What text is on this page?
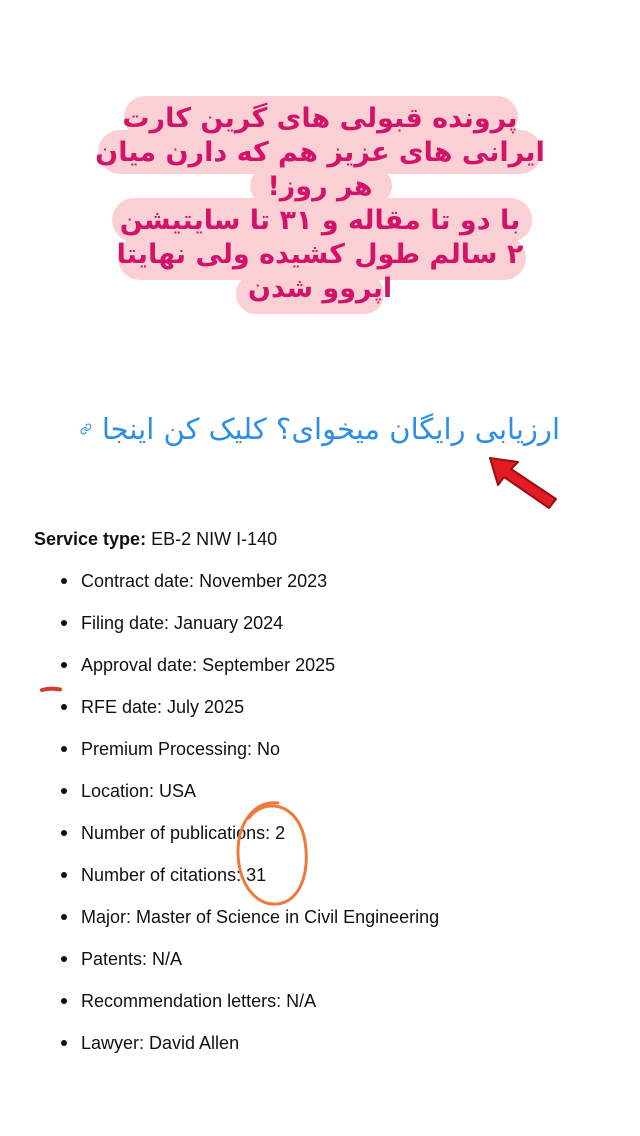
پرونده قبولی های گرین کارت
ایرانی های عزیز هم که دارن میان
هر روز!
با دو تا مقاله و ۳۱ تا سایتیشن
۲ سالم طول کشیده ولی نهایتا
اپروو شدن

ارزیابی رایگان میخوای؟ کلیک کن اینجا

Service type: EB-2 NIW I-140

Contract date: November 2023
Filing date: January 2024
Approval date: September 2025
RFE date: July 2025
Premium Processing: No
Location: USA
Number of publications: 2
Number of citations: 31
Major: Master of Science in Civil Engineering
Patents: N/A
Recommendation letters: N/A
Lawyer: David Allen
